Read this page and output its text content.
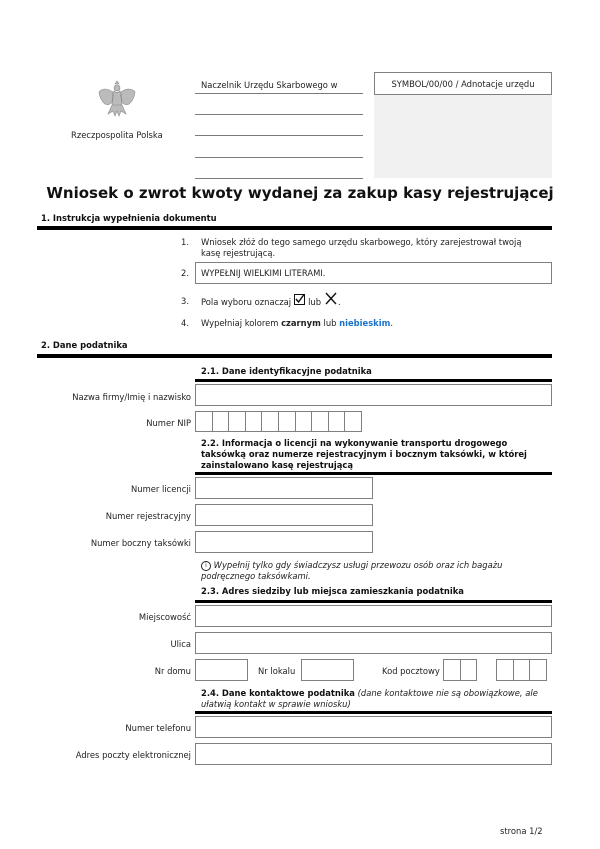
Rzeczpospolita Polska
Naczelnik Urzędu Skarbowego w	SYMBOL/00/00 / Adnotacje urzędu
Wniosek o zwrot kwoty wydanej za zakup kasy rejestrującej
1. Instrukcja wypełnienia dokumentu
1.	Wniosek złóż do tego samego urzędu skarbowego, który zarejestrował twoją kasę rejestrującą.
2.	WYPEŁNIJ WIELKIMI LITERAMI.
3.	Pola wyboru oznaczaj lub .
4.	Wypełniaj kolorem czarnym lub niebieskim.
2. Dane podatnika
2.1. Dane identyfikacyjne podatnika
Nazwa firmy/Imię i nazwisko
Numer NIP
2.2. Informacja o licencji na wykonywanie transportu drogowego taksówką oraz numerze rejestracyjnym i bocznym taksówki, w której zainstalowano kasę rejestrującą
Numer licencji
Numer rejestracyjny
Numer boczny taksówki
i Wypełnij tylko gdy świadczysz usługi przewozu osób oraz ich bagażu podręcznego taksówkami.
2.3. Adres siedziby lub miejsca zamieszkania podatnika
Miejscowość
Ulica
Nr domu	Nr lokalu	Kod pocztowy
2.4. Dane kontaktowe podatnika (dane kontaktowe nie są obowiązkowe, ale ułatwią kontakt w sprawie wniosku)
Numer telefonu
Adres poczty elektronicznej
strona 1/2
